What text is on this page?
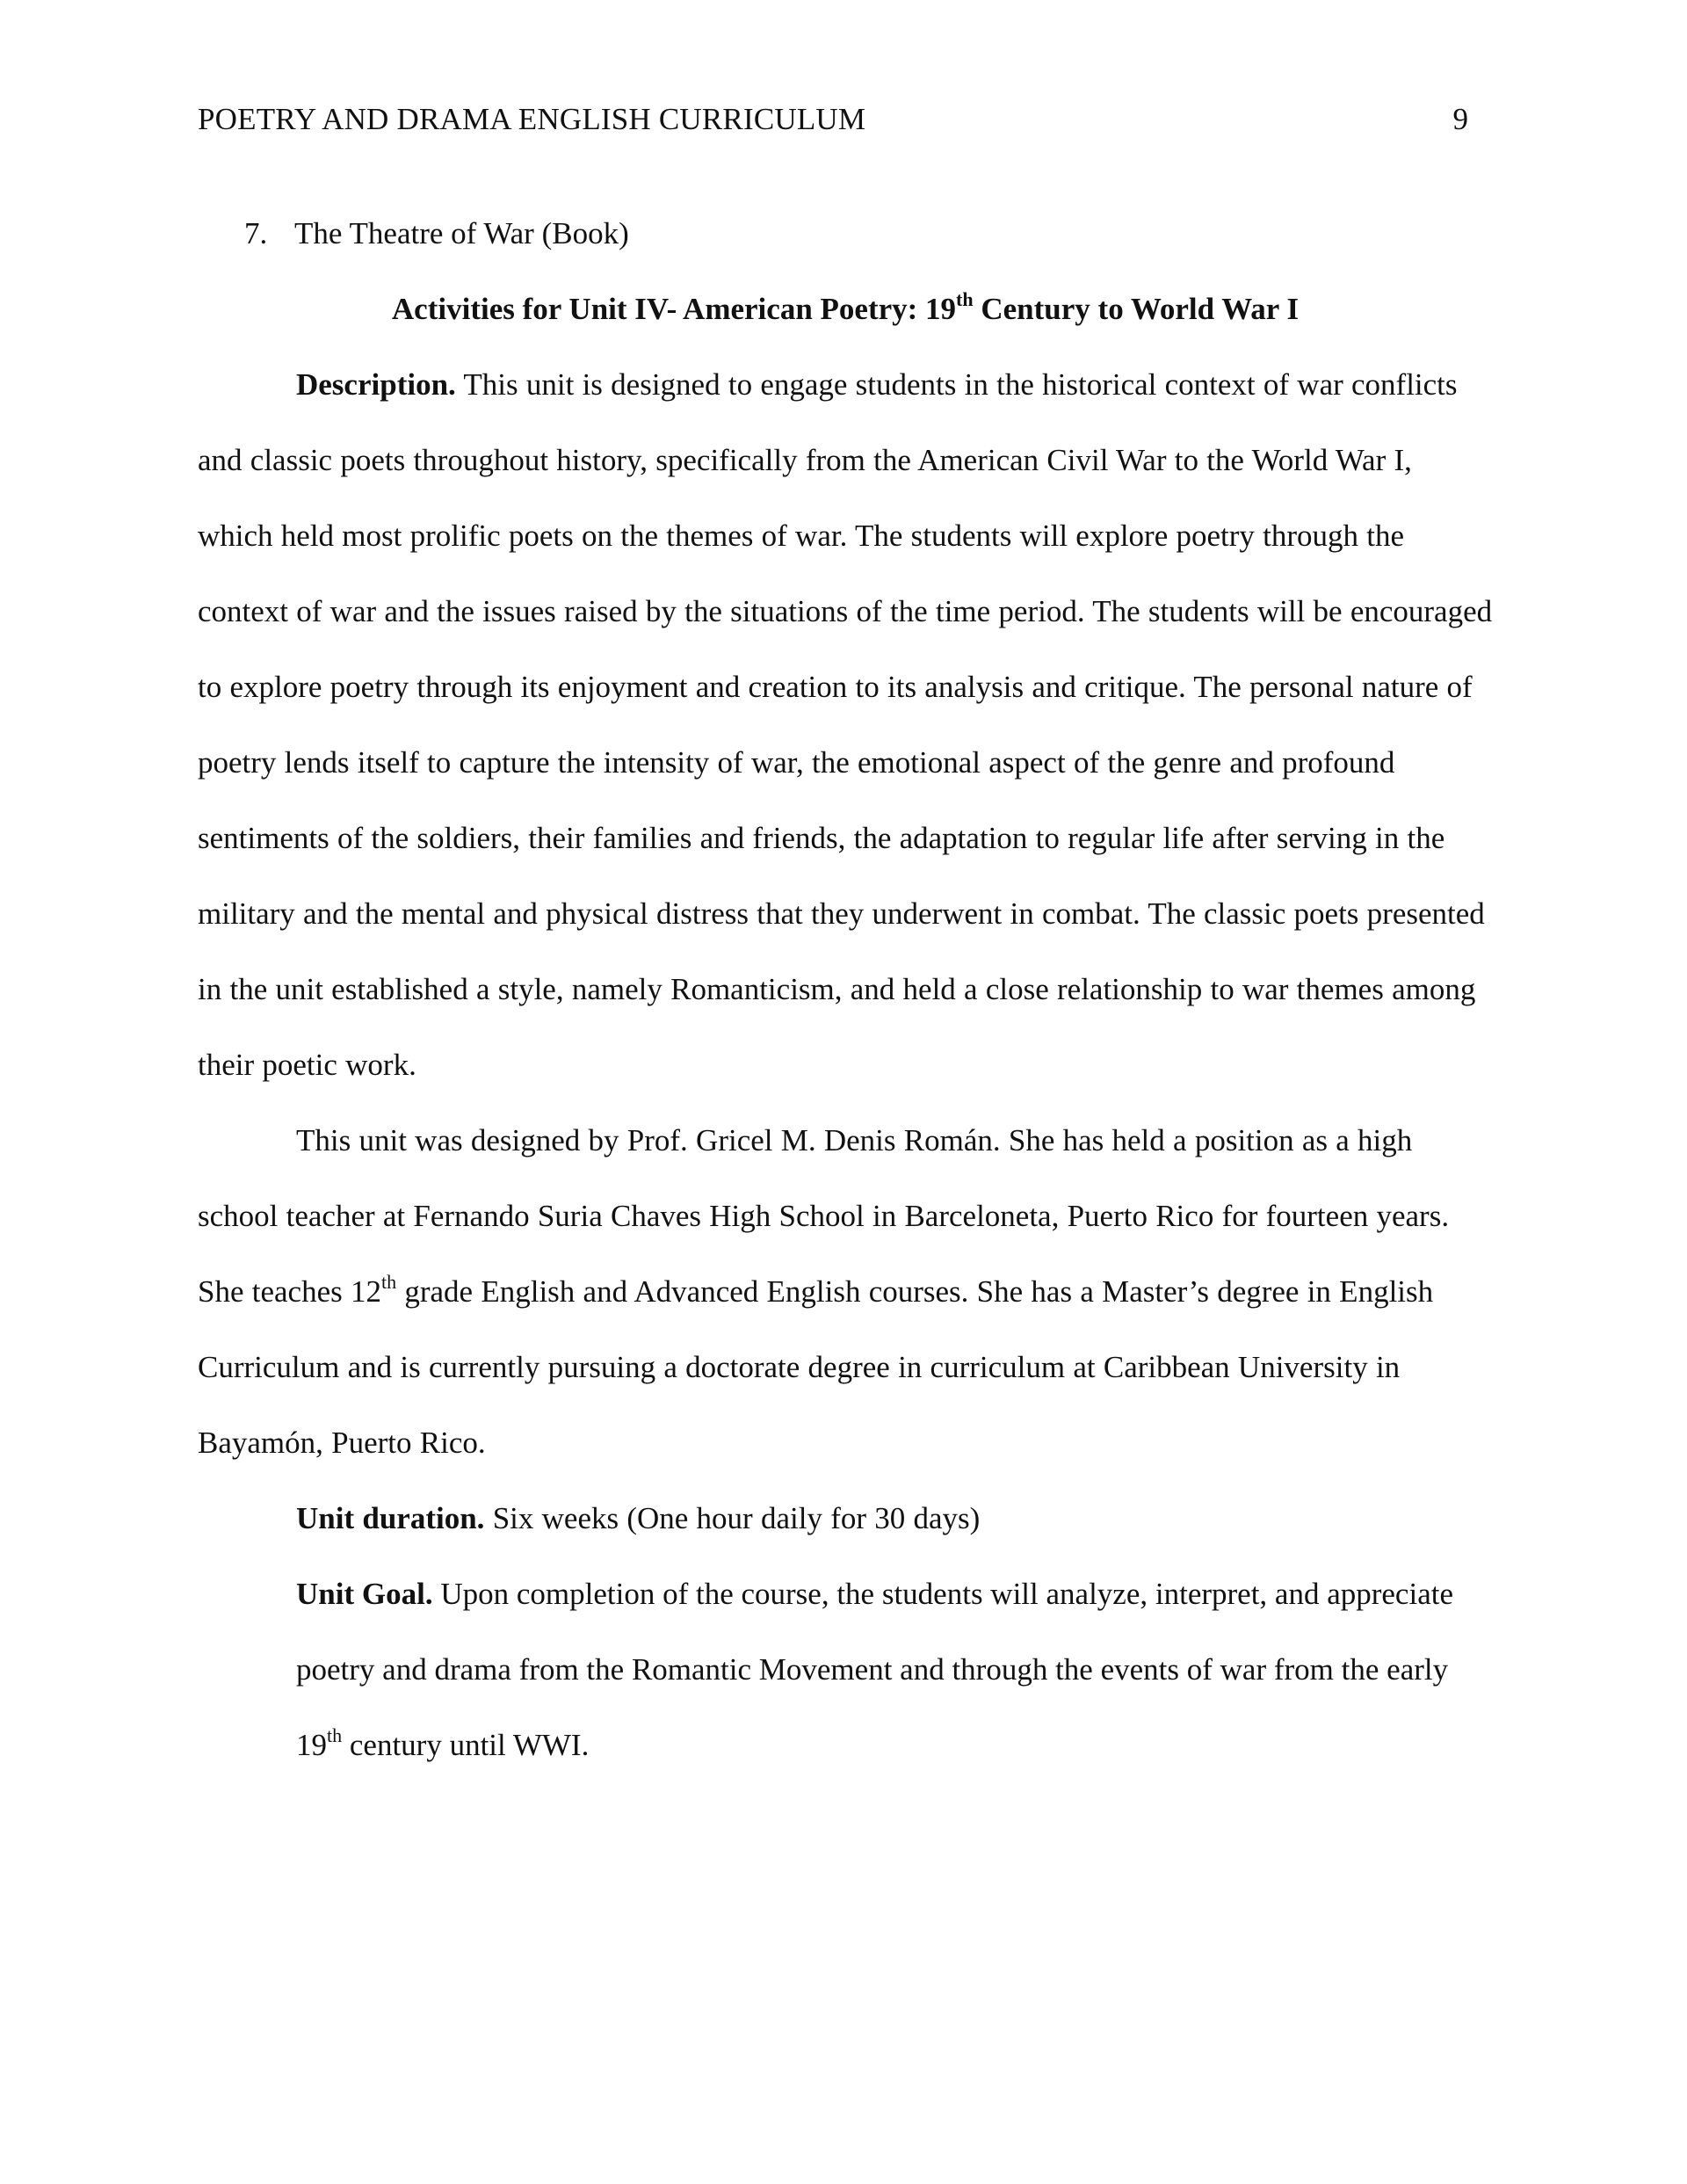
POETRY AND DRAMA ENGLISH CURRICULUM	9

7. The Theatre of War (Book)

Activities for Unit IV- American Poetry: 19th Century to World War I

Description. This unit is designed to engage students in the historical context of war conflicts and classic poets throughout history, specifically from the American Civil War to the World War I, which held most prolific poets on the themes of war. The students will explore poetry through the context of war and the issues raised by the situations of the time period. The students will be encouraged to explore poetry through its enjoyment and creation to its analysis and critique. The personal nature of poetry lends itself to capture the intensity of war, the emotional aspect of the genre and profound sentiments of the soldiers, their families and friends, the adaptation to regular life after serving in the military and the mental and physical distress that they underwent in combat. The classic poets presented in the unit established a style, namely Romanticism, and held a close relationship to war themes among their poetic work.

This unit was designed by Prof. Gricel M. Denis Román. She has held a position as a high school teacher at Fernando Suria Chaves High School in Barceloneta, Puerto Rico for fourteen years. She teaches 12th grade English and Advanced English courses. She has a Master’s degree in English Curriculum and is currently pursuing a doctorate degree in curriculum at Caribbean University in Bayamón, Puerto Rico.

Unit duration. Six weeks (One hour daily for 30 days)

Unit Goal. Upon completion of the course, the students will analyze, interpret, and appreciate poetry and drama from the Romantic Movement and through the events of war from the early 19th century until WWI.
